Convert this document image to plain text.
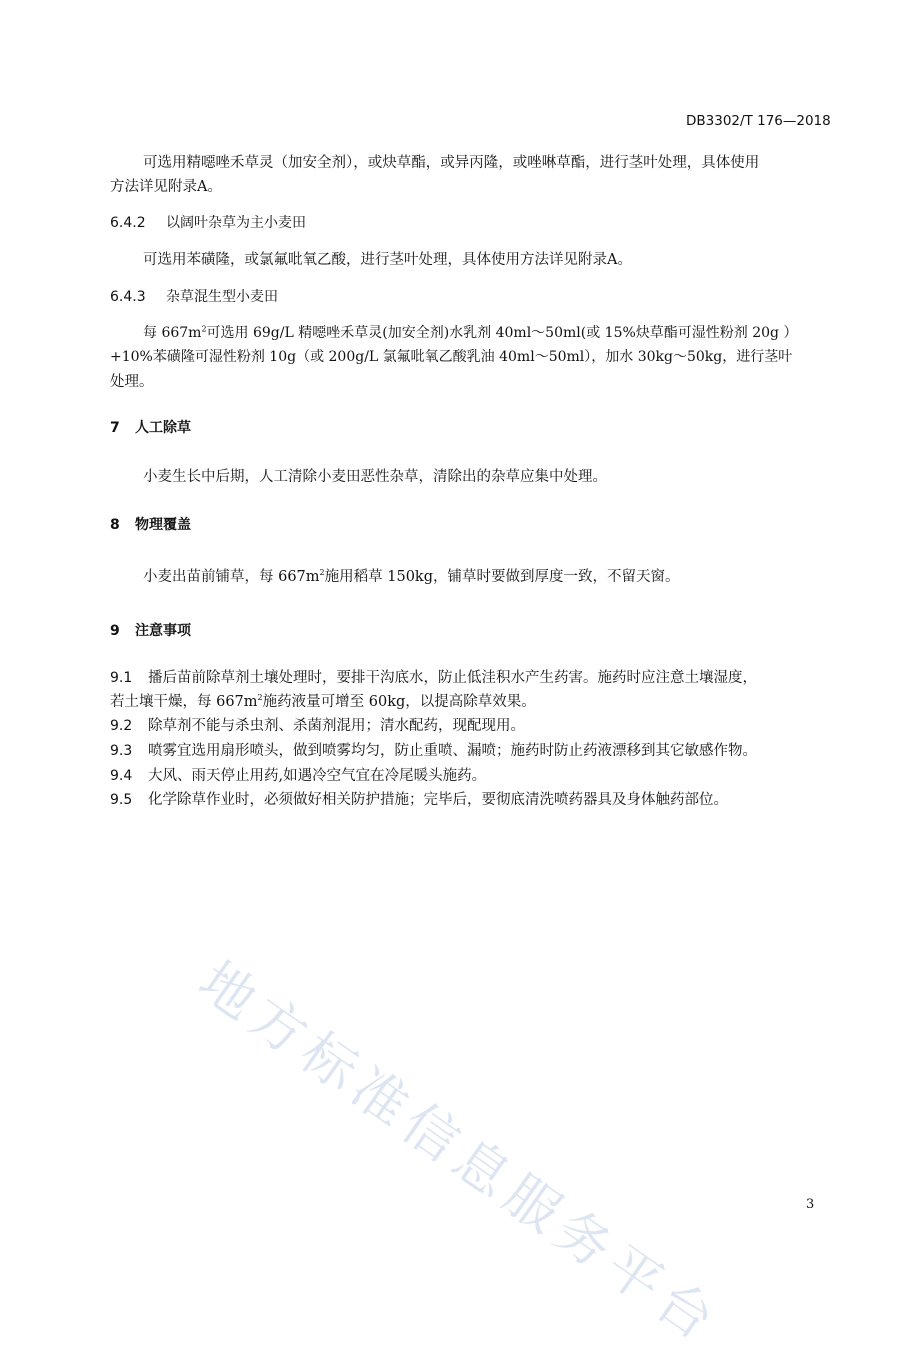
DB3302/T 176—2018
可选用精噁唑禾草灵（加安全剂），或炔草酯，或异丙隆，或唑啉草酯，进行茎叶处理，具体使用
方法详见附录A。
6.4.2 以阔叶杂草为主小麦田
可选用苯磺隆，或氯氟吡氧乙酸，进行茎叶处理，具体使用方法详见附录A。
6.4.3 杂草混生型小麦田
每 $667m^2$可选用 69g/L 精噁唑禾草灵(加安全剂)水乳剂 40ml～50ml(或 15%炔草酯可湿性粉剂 20g ）
+10%苯磺隆可湿性粉剂 10g（或 200g/L 氯氟吡氧乙酸乳油 40ml～50ml），加水 30kg～50kg，进行茎叶
处理。
7 人工除草
小麦生长中后期，人工清除小麦田恶性杂草，清除出的杂草应集中处理。
8 物理覆盖
小麦出苗前铺草，每 $667m^2$施用稻草 150kg，铺草时要做到厚度一致，不留天窗。
9 注意事项
9.1 播后苗前除草剂土壤处理时，要排干沟底水，防止低洼积水产生药害。施药时应注意土壤湿度，
若土壤干燥，每 $667m^2$施药液量可增至 60kg，以提高除草效果。
9.2 除草剂不能与杀虫剂、杀菌剂混用；清水配药，现配现用。
9.3 喷雾宜选用扇形喷头，做到喷雾均匀，防止重喷、漏喷；施药时防止药液漂移到其它敏感作物。
9.4 大风、雨天停止用药,如遇冷空气宜在冷尾暖头施药。
9.5 化学除草作业时，必须做好相关防护措施；完毕后，要彻底清洗喷药器具及身体触药部位。
地方标准信息服务平台	3
